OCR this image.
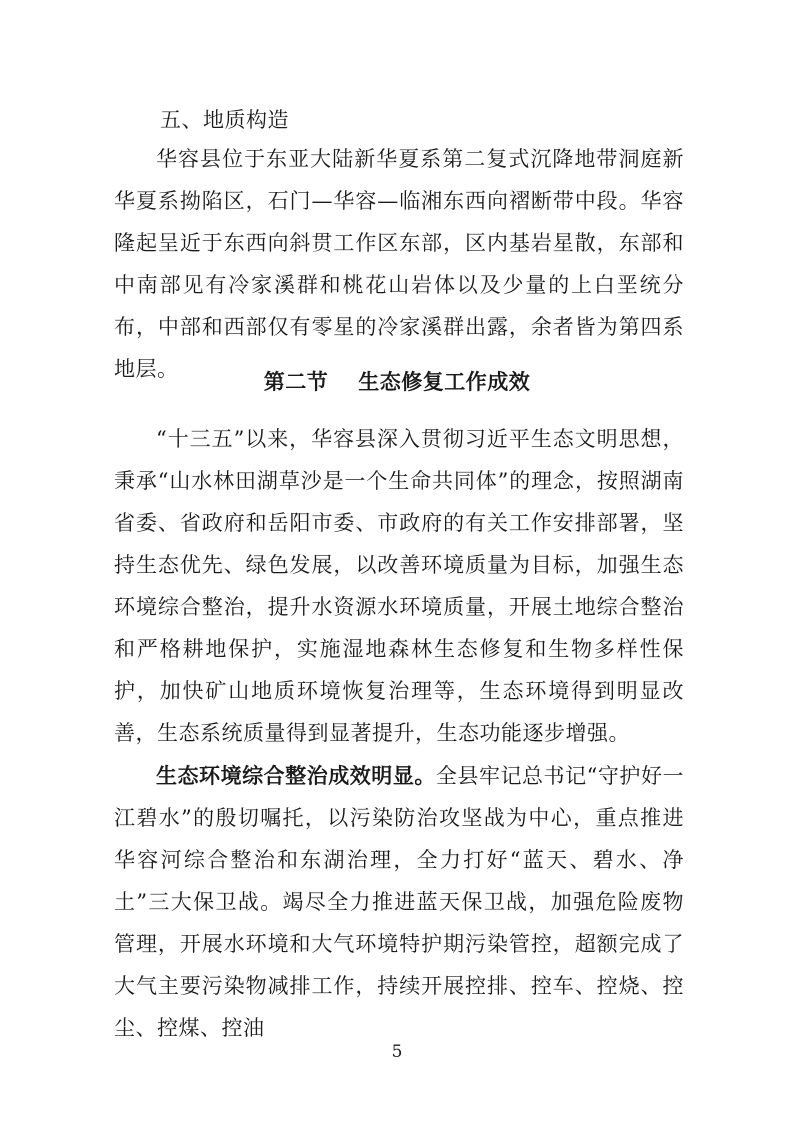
五、地质构造
华容县位于东亚大陆新华夏系第二复式沉降地带洞庭新华夏系拗陷区，石门—华容—临湘东西向褶断带中段。华容隆起呈近于东西向斜贯工作区东部，区内基岩星散，东部和中南部见有冷家溪群和桃花山岩体以及少量的上白垩统分布，中部和西部仅有零星的冷家溪群出露，余者皆为第四系地层。
第二节 生态修复工作成效
“十三五”以来，华容县深入贯彻习近平生态文明思想，秉承“山水林田湖草沙是一个生命共同体”的理念，按照湖南省委、省政府和岳阳市委、市政府的有关工作安排部署，坚持生态优先、绿色发展，以改善环境质量为目标，加强生态环境综合整治，提升水资源水环境质量，开展土地综合整治和严格耕地保护，实施湿地森林生态修复和生物多样性保护，加快矿山地质环境恢复治理等，生态环境得到明显改善，生态系统质量得到显著提升，生态功能逐步增强。
生态环境综合整治成效明显。全县牢记总书记“守护好一江碧水”的殷切嘱托，以污染防治攻坚战为中心，重点推进华容河综合整治和东湖治理，全力打好“蓝天、碧水、净土”三大保卫战。竭尽全力推进蓝天保卫战，加强危险废物管理，开展水环境和大气环境特护期污染管控，超额完成了大气主要污染物减排工作，持续开展控排、控车、控烧、控尘、控煤、控油
5
